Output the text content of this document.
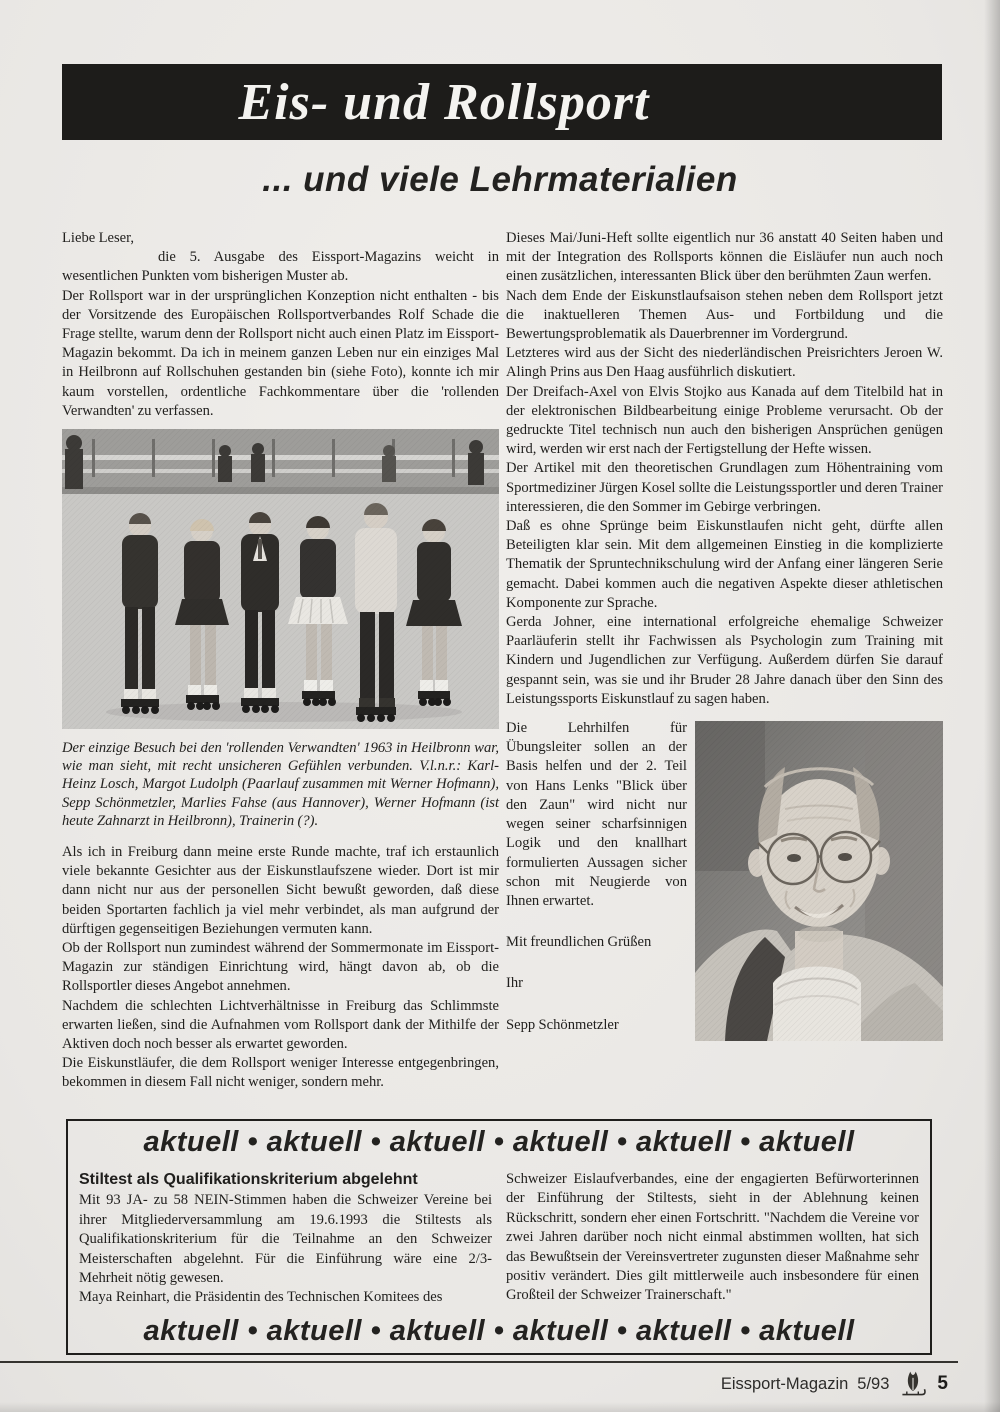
Eis- und Rollsport
... und viele Lehrmaterialien

Liebe Leser,

die 5. Ausgabe des Eissport-Magazins weicht in wesentlichen Punkten vom bisherigen Muster ab.

Der Rollsport war in der ursprünglichen Konzeption nicht enthalten - bis der Vorsitzende des Europäischen Rollsportverbandes Rolf Schade die Frage stellte, warum denn der Rollsport nicht auch einen Platz im Eissport-Magazin bekommt. Da ich in meinem ganzen Leben nur ein einziges Mal in Heilbronn auf Rollschuhen gestanden bin (siehe Foto), konnte ich mir kaum vorstellen, ordentliche Fachkommentare über die 'rollenden Verwandten' zu verfassen.

Der einzige Besuch bei den 'rollenden Verwandten' 1963 in Heilbronn war, wie man sieht, mit recht unsicheren Gefühlen verbunden. V.l.n.r.: Karl-Heinz Losch, Margot Ludolph (Paarlauf zusammen mit Werner Hofmann), Sepp Schönmetzler, Marlies Fahse (aus Hannover), Werner Hofmann (ist heute Zahnarzt in Heilbronn), Trainerin (?).

Als ich in Freiburg dann meine erste Runde machte, traf ich erstaunlich viele bekannte Gesichter aus der Eiskunstlaufszene wieder. Dort ist mir dann nicht nur aus der personellen Sicht bewußt geworden, daß diese beiden Sportarten fachlich ja viel mehr verbindet, als man aufgrund der dürftigen gegenseitigen Beziehungen vermuten kann.

Ob der Rollsport nun zumindest während der Sommermonate im Eissport-Magazin zur ständigen Einrichtung wird, hängt davon ab, ob die Rollsportler dieses Angebot annehmen.

Nachdem die schlechten Lichtverhältnisse in Freiburg das Schlimmste erwarten ließen, sind die Aufnahmen vom Rollsport dank der Mithilfe der Aktiven doch noch besser als erwartet geworden.

Die Eiskunstläufer, die dem Rollsport weniger Interesse entgegenbringen, bekommen in diesem Fall nicht weniger, sondern mehr.

Dieses Mai/Juni-Heft sollte eigentlich nur 36 anstatt 40 Seiten haben und mit der Integration des Rollsports können die Eisläufer nun auch noch einen zusätzlichen, interessanten Blick über den berühmten Zaun werfen.

Nach dem Ende der Eiskunstlaufsaison stehen neben dem Rollsport jetzt die inaktuelleren Themen Aus- und Fortbildung und die Bewertungsproblematik als Dauerbrenner im Vordergrund.

Letzteres wird aus der Sicht des niederländischen Preisrichters Jeroen W. Alingh Prins aus Den Haag ausführlich diskutiert.

Der Dreifach-Axel von Elvis Stojko aus Kanada auf dem Titelbild hat in der elektronischen Bildbearbeitung einige Probleme verursacht. Ob der gedruckte Titel technisch nun auch den bisherigen Ansprüchen genügen wird, werden wir erst nach der Fertigstellung der Hefte wissen.

Der Artikel mit den theoretischen Grundlagen zum Höhentraining vom Sportmediziner Jürgen Kosel sollte die Leistungssportler und deren Trainer interessieren, die den Sommer im Gebirge verbringen.

Daß es ohne Sprünge beim Eiskunstlaufen nicht geht, dürfte allen Beteiligten klar sein. Mit dem allgemeinen Einstieg in die komplizierte Thematik der Spruntechnikschulung wird der Anfang einer längeren Serie gemacht. Dabei kommen auch die negativen Aspekte dieser athletischen Komponente zur Sprache.

Gerda Johner, eine international erfolgreiche ehemalige Schweizer Paarläuferin stellt ihr Fachwissen als Psychologin zum Training mit Kindern und Jugendlichen zur Verfügung. Außerdem dürfen Sie darauf gespannt sein, was sie und ihr Bruder 28 Jahre danach über den Sinn des Leistungssports Eiskunstlauf zu sagen haben.

Die Lehrhilfen für Übungsleiter sollen an der Basis helfen und der 2. Teil von Hans Lenks "Blick über den Zaun" wird nicht nur wegen seiner scharfsinnigen Logik und den knallhart formulierten Aussagen sicher schon mit Neugierde von Ihnen erwartet.

Mit freundlichen Grüßen

Ihr

Sepp Schönmetzler

aktuell • aktuell • aktuell • aktuell • aktuell • aktuell
Stiltest als Qualifikationskriterium abgelehnt

Mit 93 JA- zu 58 NEIN-Stimmen haben die Schweizer Vereine bei ihrer Mitgliederversammlung am 19.6.1993 die Stiltests als Qualifikationskriterium für die Teilnahme an den Schweizer Meisterschaften abgelehnt. Für die Einführung wäre eine 2/3-Mehrheit nötig gewesen.

Maya Reinhart, die Präsidentin des Technischen Komitees des

Schweizer Eislaufverbandes, eine der engagierten Befürworterinnen der Einführung der Stiltests, sieht in der Ablehnung keinen Rückschritt, sondern eher einen Fortschritt. "Nachdem die Vereine vor zwei Jahren darüber noch nicht einmal abstimmen wollten, hat sich das Bewußtsein der Vereinsvertreter zugunsten dieser Maßnahme sehr positiv verändert. Dies gilt mittlerweile auch insbesondere für einen Großteil der Schweizer Trainerschaft."

aktuell • aktuell • aktuell • aktuell • aktuell • aktuell
Eissport-Magazin 5/93	5
